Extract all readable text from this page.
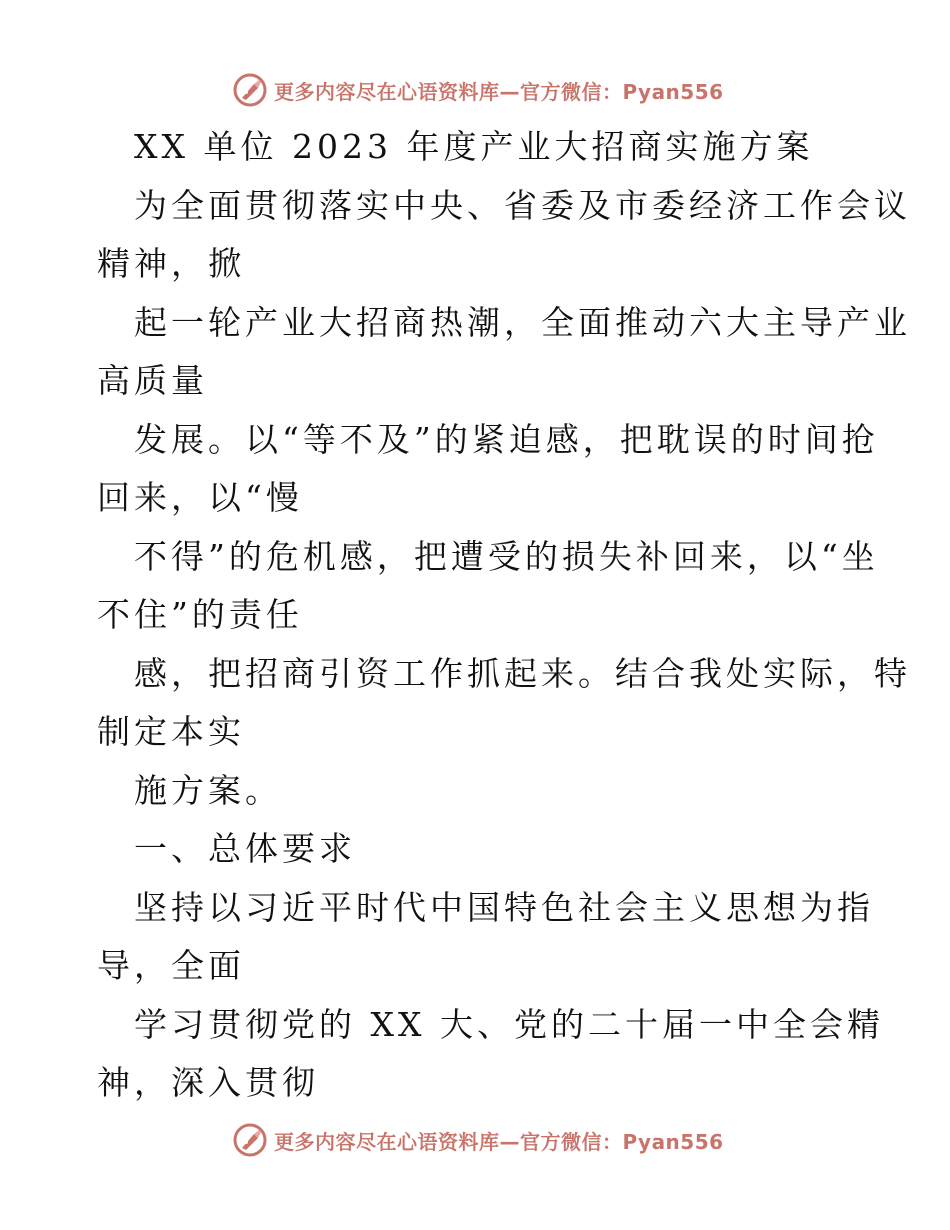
更多内容尽在心语资料库—官方微信：Pyan556
XX 单位 2023 年度产业大招商实施方案
为全面贯彻落实中央、省委及市委经济工作会议
精神，掀
起一轮产业大招商热潮，全面推动六大主导产业
高质量
发展。以“等不及”的紧迫感，把耽误的时间抢
回来，以“慢
不得”的危机感，把遭受的损失补回来，以“坐
不住”的责任
感，把招商引资工作抓起来。结合我处实际，特
制定本实
施方案。
一、总体要求
坚持以习近平时代中国特色社会主义思想为指
导，全面
学习贯彻党的 XX 大、党的二十届一中全会精
神，深入贯彻
更多内容尽在心语资料库—官方微信：Pyan556
